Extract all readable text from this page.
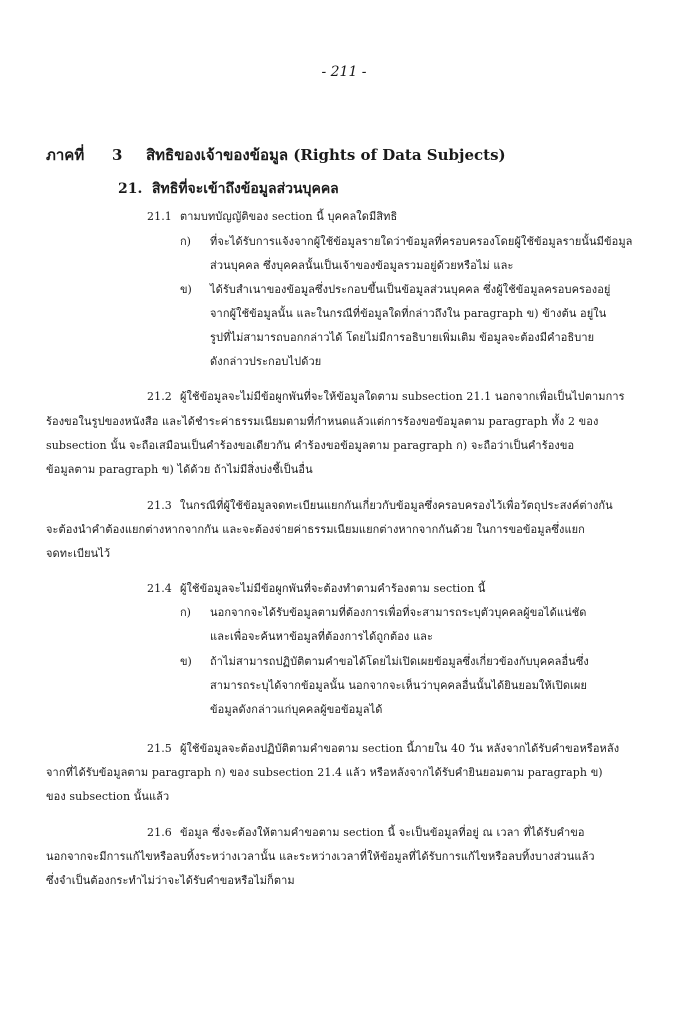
- 211 -
ภาคที่ 3 สิทธิของเจ้าของข้อมูล (Rights of Data Subjects)
21. สิทธิที่จะเข้าถึงข้อมูลส่วนบุคคล
21.1 ตามบทบัญญัติของ section นี้ บุคคลใดมีสิทธิ
ก) ที่จะได้รับการแจ้งจากผู้ใช้ข้อมูลรายใดว่าข้อมูลที่ครอบครองโดยผู้ใช้ข้อมูลรายนั้นมีข้อมูล
ส่วนบุคคล ซึ่งบุคคลนั้นเป็นเจ้าของข้อมูลรวมอยู่ด้วยหรือไม่ และ
ข) ได้รับสำเนาของข้อมูลซึ่งประกอบขึ้นเป็นข้อมูลส่วนบุคคล ซึ่งผู้ใช้ข้อมูลครอบครองอยู่
จากผู้ใช้ข้อมูลนั้น และในกรณีที่ข้อมูลใดที่กล่าวถึงใน paragraph ข) ข้างต้น อยู่ใน
รูปที่ไม่สามารถบอกกล่าวได้ โดยไม่มีการอธิบายเพิ่มเติม ข้อมูลจะต้องมีคำอธิบาย
ดังกล่าวประกอบไปด้วย
21.2 ผู้ใช้ข้อมูลจะไม่มีข้อผูกพันที่จะให้ข้อมูลใดตาม subsection 21.1 นอกจากเพื่อเป็นไปตามการ
ร้องขอในรูปของหนังสือ และได้ชำระค่าธรรมเนียมตามที่กำหนดแล้วแต่การร้องขอข้อมูลตาม paragraph ทั้ง 2 ของ
subsection นั้น จะถือเสมือนเป็นคำร้องขอเดียวกัน คำร้องขอข้อมูลตาม paragraph ก) จะถือว่าเป็นคำร้องขอ
ข้อมูลตาม paragraph ข) ได้ด้วย ถ้าไม่มีสิ่งบ่งชี้เป็นอื่น
21.3 ในกรณีที่ผู้ใช้ข้อมูลจดทะเบียนแยกกันเกี่ยวกับข้อมูลซึ่งครอบครองไว้เพื่อวัตถุประสงค์ต่างกัน
จะต้องนำคำต้องแยกต่างหากจากกัน และจะต้องจ่ายค่าธรรมเนียมแยกต่างหากจากกันด้วย ในการขอข้อมูลซึ่งแยก
จดทะเบียนไว้
21.4 ผู้ใช้ข้อมูลจะไม่มีข้อผูกพันที่จะต้องทำตามคำร้องตาม section นี้
ก) นอกจากจะได้รับข้อมูลตามที่ต้องการเพื่อที่จะสามารถระบุตัวบุคคลผู้ขอได้แน่ชัด
และเพื่อจะค้นหาข้อมูลที่ต้องการได้ถูกต้อง และ
ข) ถ้าไม่สามารถปฏิบัติตามคำขอได้โดยไม่เปิดเผยข้อมูลซึ่งเกี่ยวข้องกับบุคคลอื่นซึ่ง
สามารถระบุได้จากข้อมูลนั้น นอกจากจะเห็นว่าบุคคลอื่นนั้นได้ยินยอมให้เปิดเผย
ข้อมูลดังกล่าวแก่บุคคลผู้ขอข้อมูลได้
21.5 ผู้ใช้ข้อมูลจะต้องปฏิบัติตามคำขอตาม section นี้ภายใน 40 วัน หลังจากได้รับคำขอหรือหลัง
จากที่ได้รับข้อมูลตาม paragraph ก) ของ subsection 21.4 แล้ว หรือหลังจากได้รับคำยินยอมตาม paragraph ข)
ของ subsection นั้นแล้ว
21.6 ข้อมูล ซึ่งจะต้องให้ตามคำขอตาม section นี้ จะเป็นข้อมูลที่อยู่ ณ เวลา ที่ได้รับคำขอ
นอกจากจะมีการแก้ไขหรือลบทิ้งระหว่างเวลานั้น และระหว่างเวลาที่ให้ข้อมูลที่ได้รับการแก้ไขหรือลบทิ้งบางส่วนแล้ว
ซึ่งจำเป็นต้องกระทำไม่ว่าจะได้รับคำขอหรือไม่ก็ตาม
